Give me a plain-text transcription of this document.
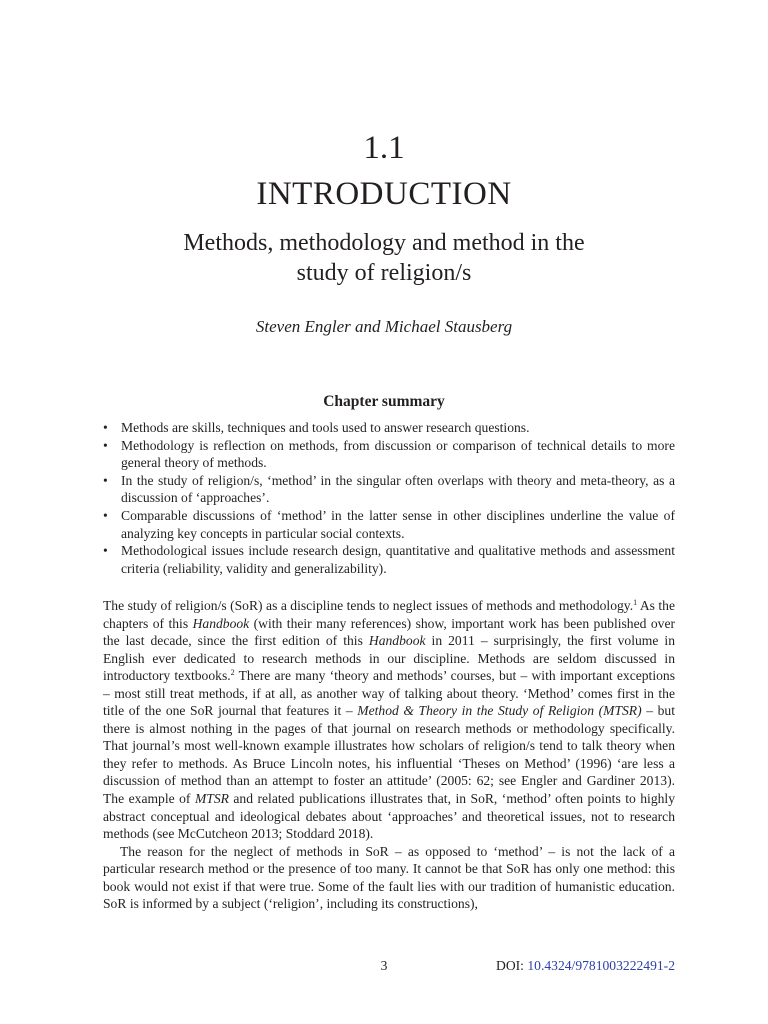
1.1
INTRODUCTION
Methods, methodology and method in the
study of religion/s
Steven Engler and Michael Stausberg
Chapter summary
• Methods are skills, techniques and tools used to answer research questions.
• Methodology is reflection on methods, from discussion or comparison of technical details to more general theory of methods.
• In the study of religion/s, ‘method’ in the singular often overlaps with theory and meta-theory, as a discussion of ‘approaches’.
• Comparable discussions of ‘method’ in the latter sense in other disciplines underline the value of analyzing key concepts in particular social contexts.
• Methodological issues include research design, quantitative and qualitative methods and assessment criteria (reliability, validity and generalizability).

The study of religion/s (SoR) as a discipline tends to neglect issues of methods and methodology.$^1$ As the chapters of this Handbook (with their many references) show, important work has been published over the last decade, since the first edition of this Handbook in 2011 – surprisingly, the first volume in English ever dedicated to research methods in our discipline. Methods are seldom discussed in introductory textbooks.$^2$ There are many ‘theory and methods’ courses, but – with important exceptions – most still treat methods, if at all, as another way of talking about theory. ‘Method’ comes first in the title of the one SoR journal that features it – Method & Theory in the Study of Religion (MTSR) – but there is almost nothing in the pages of that journal on research methods or methodology specifically. That journal’s most well-known example illustrates how scholars of religion/s tend to talk theory when they refer to methods. As Bruce Lincoln notes, his influential ‘Theses on Method’ (1996) ‘are less a discussion of method than an attempt to foster an attitude’ (2005: 62; see Engler and Gardiner 2013). The example of MTSR and related publications illustrates that, in SoR, ‘method’ often points to highly abstract conceptual and ideological debates about ‘approaches’ and theoretical issues, not to research methods (see McCutcheon 2013; Stoddard 2018).

The reason for the neglect of methods in SoR – as opposed to ‘method’ – is not the lack of a particular research method or the presence of too many. It cannot be that SoR has only one method: this book would not exist if that were true. Some of the fault lies with our tradition of humanistic education. SoR is informed by a subject (‘religion’, including its constructions),

3	DOI: 10.4324/9781003222491-2
